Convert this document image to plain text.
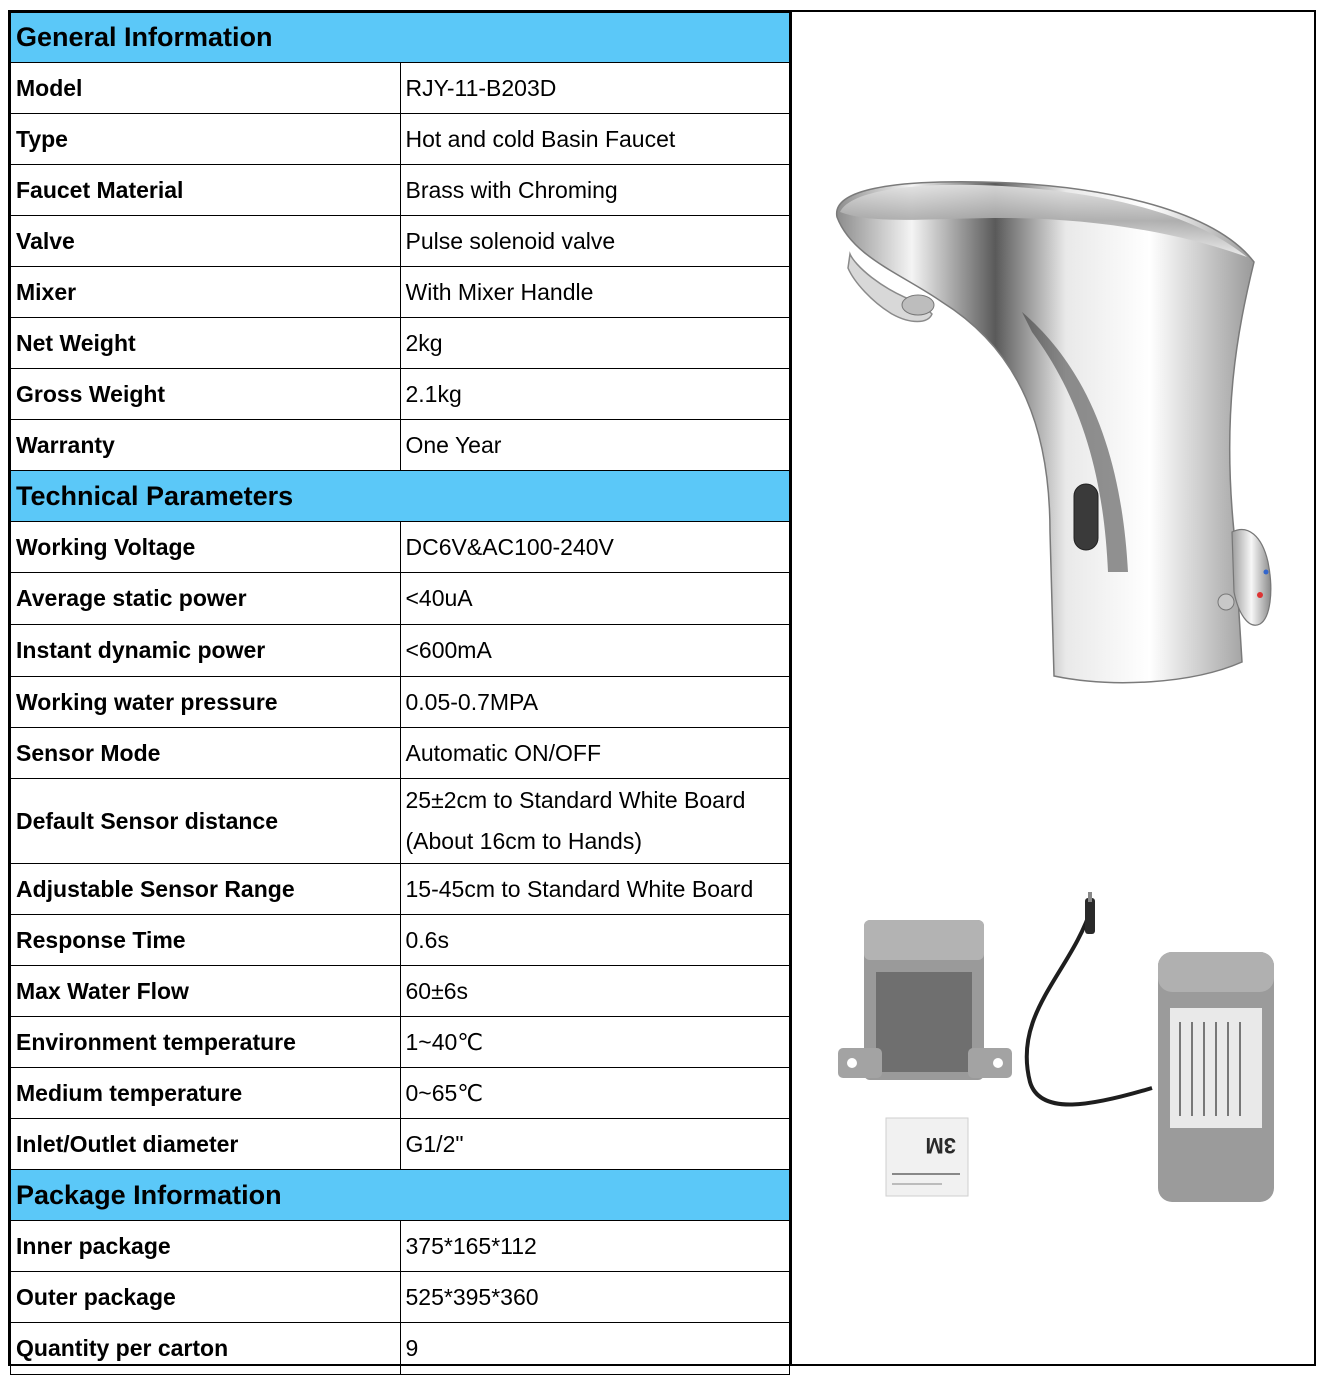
General Information	
Model	RJY-11-B203D
Type	Hot and cold Basin Faucet
Faucet Material	Brass with Chroming
Valve	Pulse solenoid valve
Mixer	With Mixer Handle
Net Weight	2kg
Gross Weight	2.1kg
Warranty	One Year
Technical Parameters	
Working Voltage	DC6V&AC100-240V
Average static power	<40uA
Instant dynamic power	<600mA
Working water pressure	0.05-0.7MPA
Sensor Mode	Automatic ON/OFF
Default Sensor distance	25±2cm to Standard White Board
(About 16cm to Hands)

Adjustable Sensor Range	15-45cm to Standard White Board
Response Time	0.6s
Max Water Flow	60±6s
Environment temperature	1~40℃
Medium temperature	0~65℃
Inlet/Outlet diameter	G1/2"
Package Information	
Inner package	375*165*112
Outer package	525*395*360
Quantity per carton	9
3M
